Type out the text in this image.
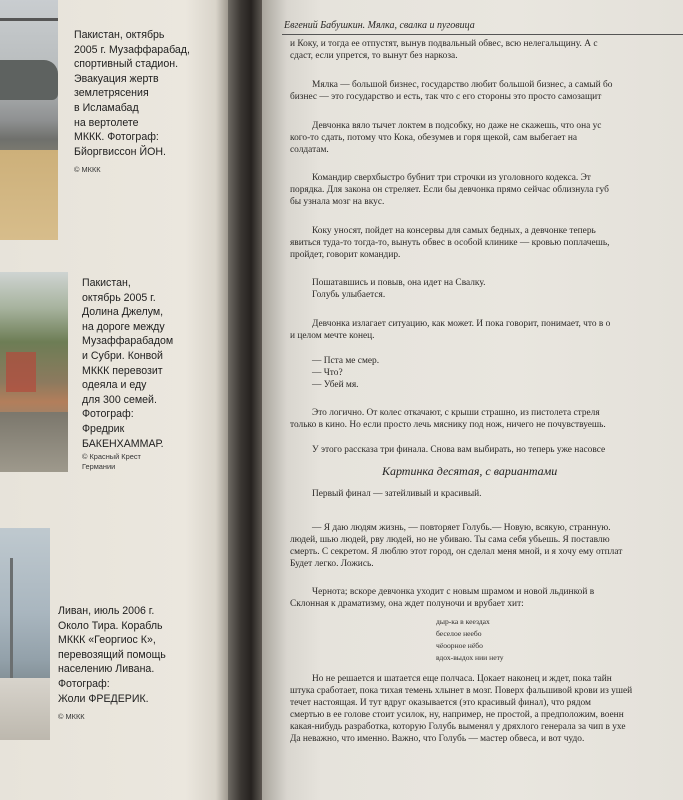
Пакистан, октябрь
2005 г. Музаффарабад,
спортивный стадион.
Эвакуация жертв
землетрясения
в Исламабад
на вертолете
МККК. Фотограф:
Бйоргвиссон ЙОН.
© МККК
Пакистан,
октябрь 2005 г.
Долина Джелум,
на дороге между
Музаффарабадом
и Субри. Конвой
МККК перевозит
одеяла и еду
для 300 семей.
Фотограф:
Фредрик
БАКЕНХАММАР.
© Красный Крест
Германии
Ливан, июль 2006 г.
Около Тира. Корабль
МККК «Георгиос К»,
перевозящий помощь
населению Ливана.
Фотограф:
Жоли ФРЕДЕРИК.
© МККК
Евгений Бабушкин. Мялка, свалка и пуговица

и Коку, и тогда ее отпустят, вынув подвальный обвес, всю нелегальщину. А с

сдаст, если упрется, то вынут без наркоза.

Мялка — большой бизнес, государство любит большой бизнес, а самый бо

бизнес — это государство и есть, так что с его стороны это просто самозащит

Девчонка вяло тычет локтем в подсобку, но даже не скажешь, что она ус

кого-то сдать, потому что Кока, обезумев и горя щекой, сам выбегает на

солдатам.

Командир сверхбыстро бубнит три строчки из уголовного кодекса. Эт

порядка. Для закона он стреляет. Если бы девчонка прямо сейчас облизнула губ

бы узнала мозг на вкус.

Коку уносят, пойдет на консервы для самых бедных, а девчонке теперь

явиться туда-то тогда-то, вынуть обвес в особой клинике — кровью поплачешь,

пройдет, говорит командир.

Пошатавшись и повыв, она идет на Свалку.

Голубь улыбается.

Девчонка излагает ситуацию, как может. И пока говорит, понимает, что в о

и целом мечте конец.

— Пста ме смер.

— Что?

— Убей мя.

Это логично. От колес откачают, с крыши страшно, из пистолета стреля

только в кино. Но если просто лечь мяснику под нож, ничего не почувствуешь.

У этого рассказа три финала. Снова вам выбирать, но теперь уже насовсе

Картинка десятая, с вариантами

Первый финал — затейливый и красивый.

— Я даю людям жизнь, — повторяет Голубь.— Новую, всякую, странную.

людей, шью людей, рву людей, но не убиваю. Ты сама себя убьешь. Я поставлю

смерть. С секретом. Я люблю этот город, он сделал меня мной, и я хочу ему отплат

Будет легко. Ложись.

Чернота; вскоре девчонка уходит с новым шрамом и новой льдинкой в

Склонная к драматизму, она ждет полуночи и врубает хит:

дыр-ка в кеездах
беселое неебо
чёоорное нёбо
вдох-выдох нии нету

Но не решается и шатается еще полчаса. Цокает наконец и ждет, пока тайн

штука сработает, пока тихая темень хлынет в мозг. Поверх фальшивой крови из ушей

течет настоящая. И тут вдруг оказывается (это красивый финал), что рядом

смертью в ее голове стоит усилок, ну, например, не простой, а предположим, военн

какая-нибудь разработка, которую Голубь выменял у дряхлого генерала за чип в ухе

Да неважно, что именно. Важно, что Голубь — мастер обвеса, и вот чудо.
